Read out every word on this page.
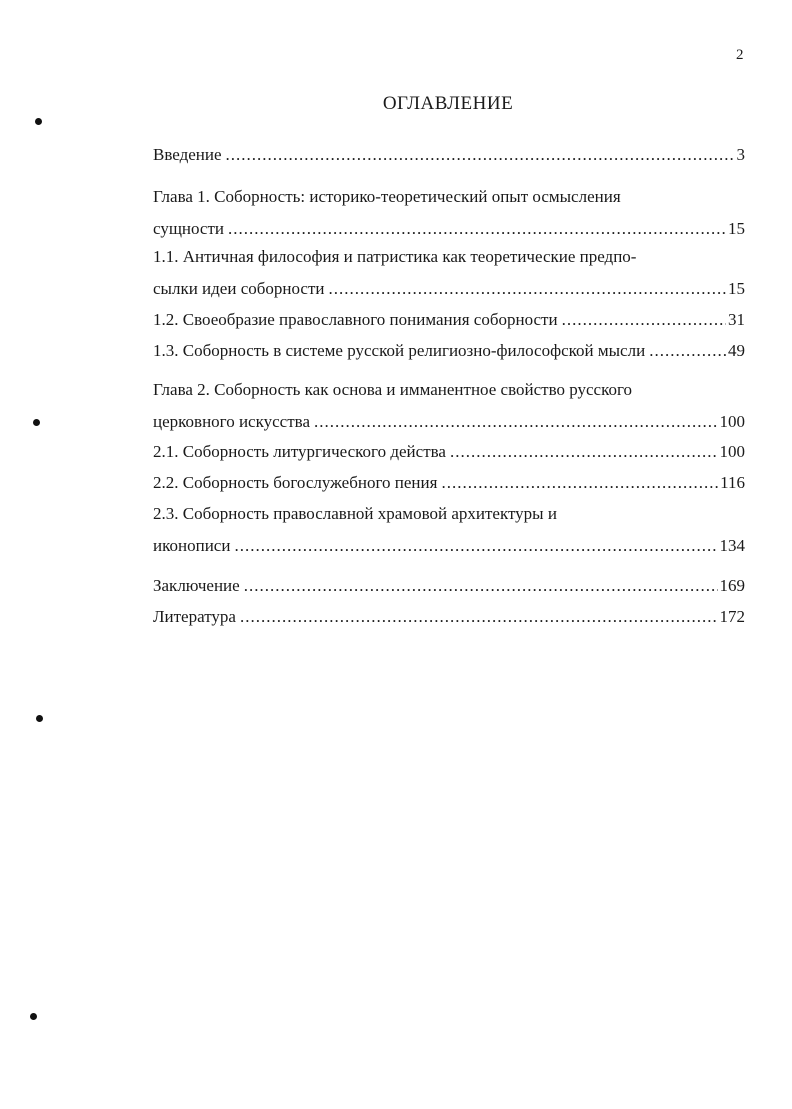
2
ОГЛАВЛЕНИЕ
Введение .....	3
Глава 1. Соборность: историко-теоретический опыт осмысления
сущности .....	15
1.1. Античная философия и патристика как теоретические предпо-
сылки идеи соборности .....	15
1.2. Своеобразие православного понимания соборности .....	31
1.3. Соборность в системе русской религиозно-философской мысли .....	49
Глава 2. Соборность как основа и имманентное свойство русского
церковного искусства .....	100
2.1. Соборность литургического действа .....	100
2.2. Соборность богослужебного пения .....	116
2.3. Соборность православной храмовой архитектуры и
иконописи .....	134
Заключение .....	169
Литература .....	172
